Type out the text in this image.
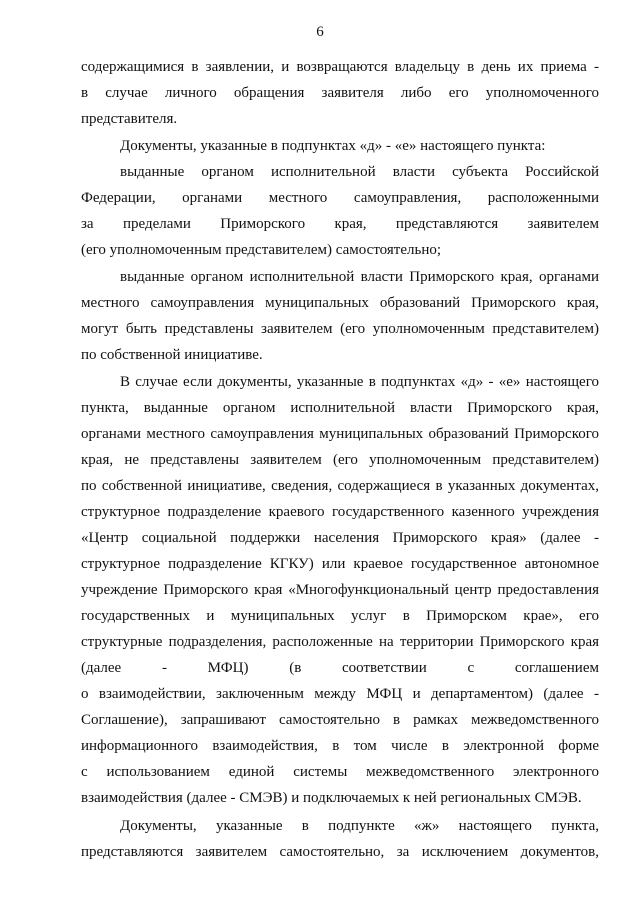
6
содержащимися в заявлении, и возвращаются владельцу в день их приема -
в случае личного обращения заявителя либо его уполномоченного
представителя.
Документы, указанные в подпунктах «д» - «е» настоящего пункта:
выданные органом исполнительной власти субъекта Российской
Федерации, органами местного самоуправления, расположенными
за пределами Приморского края, представляются заявителем
(его уполномоченным представителем) самостоятельно;
выданные органом исполнительной власти Приморского края, органами
местного самоуправления муниципальных образований Приморского края,
могут быть представлены заявителем (его уполномоченным представителем)
по собственной инициативе.
В случае если документы, указанные в подпунктах «д» - «е» настоящего
пункта, выданные органом исполнительной власти Приморского края,
органами местного самоуправления муниципальных образований Приморского
края, не представлены заявителем (его уполномоченным представителем)
по собственной инициативе, сведения, содержащиеся в указанных документах,
структурное подразделение краевого государственного казенного учреждения
«Центр социальной поддержки населения Приморского края» (далее -
структурное подразделение КГКУ) или краевое государственное автономное
учреждение Приморского края «Многофункциональный центр предоставления
государственных и муниципальных услуг в Приморском крае», его
структурные подразделения, расположенные на территории Приморского края
(далее - МФЦ) (в соответствии с соглашением
о взаимодействии, заключенным между МФЦ и департаментом) (далее -
Соглашение), запрашивают самостоятельно в рамках межведомственного
информационного взаимодействия, в том числе в электронной форме
с использованием единой системы межведомственного электронного
взаимодействия (далее - СМЭВ) и подключаемых к ней региональных СМЭВ.
Документы, указанные в подпункте «ж» настоящего пункта,
представляются заявителем самостоятельно, за исключением документов,
